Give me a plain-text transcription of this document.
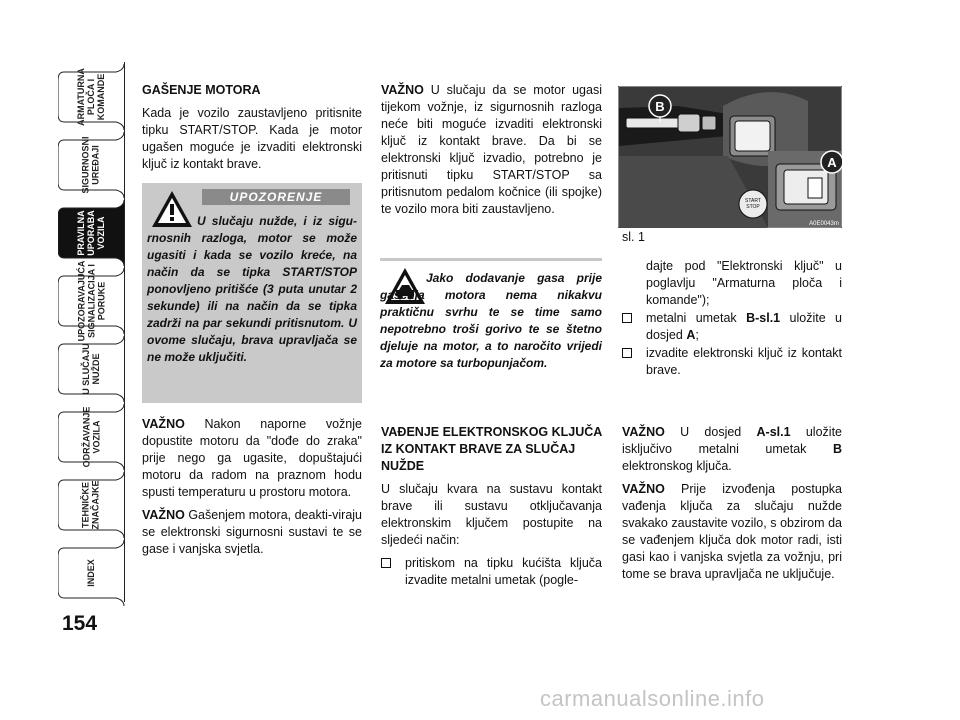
ARMATURNA
PLOČA I
KOMANDE
SIGURNOSNI
UREĐAJI
PRAVILNA
UPORABA
VOZILA
UPOZORAVAJUĆA
SIGNALIZACIJA I
PORUKE
U SLUČAJU
NUŽDE
ODRŽAVANJE
VOZILA
TEHNIČKE
ZNAČAJKE
INDEX
154

GAŠENJE MOTORA

Kada je vozilo zaustavljeno pritisnite tipku START/STOP. Kada je motor ugašen moguće je izvaditi elektronski ključ iz kontakt brave.

UPOZORENJE
U slučaju nužde, i iz sigu-rnosnih razloga, motor se može ugasiti i kada se vozilo kreće, na način da se tipka START/STOP ponovljeno pritišće (3 puta unutar 2 sekunde) ili na način da se tipka zadrži na par sekundi pritisnutom. U ovome slučaju, brava upravljača se ne može uključiti.

VAŽNO Nakon naporne vožnje dopustite motoru da "dođe do zraka" prije nego ga ugasite, dopuštajući motoru da radom na praznom hodu spusti temperaturu u prostoru motora.

VAŽNO Gašenjem motora, deakti-viraju se elektronski sigurnosni sustavi te se gase i vanjska svjetla.

VAŽNO U slučaju da se motor ugasi tijekom vožnje, iz sigurnosnih razloga neće biti moguće izvaditi elektronski ključ iz kontakt brave. Da bi se elektronski ključ izvadio, potrebno je pritisnuti tipku START/STOP sa pritisnutom pedalom kočnice (ili spojke) te vozilo mora biti zaustavljeno.

Jako dodavanje gasa prije gašenja motora nema nikakvu praktičnu svrhu te se time samo nepotrebno troši gorivo te se štetno djeluje na motor, a to naročito vrijedi za motore sa turbopunjačom.

VAĐENJE ELEKTRONSKOG KLJUČA IZ KONTAKT BRAVE ZA SLUČAJ NUŽDE

U slučaju kvara na sustavu kontakt brave ili sustavu otključavanja elektronskim ključem postupite na sljedeći način:

pritiskom na tipku kućišta ključa izvadite metalni umetak (pogle-
START
STOP
B
A
A0E0043m
sl. 1
dajte pod "Elektronski ključ" u poglavlju "Armaturna ploča i komande");
metalni umetak B-sl.1 uložite u dosjed A;
izvadite elektronski ključ iz kontakt brave.

VAŽNO U dosjed A-sl.1 uložite isključivo metalni umetak B elektronskog ključa.

VAŽNO Prije izvođenja postupka vađenja ključa za slučaju nužde svakako zaustavite vozilo, s obzirom da se vađenjem ključa dok motor radi, isti gasi kao i vanjska svjetla za vožnju, pri tome se brava upravljača ne uključuje.

carmanualsonline.info
